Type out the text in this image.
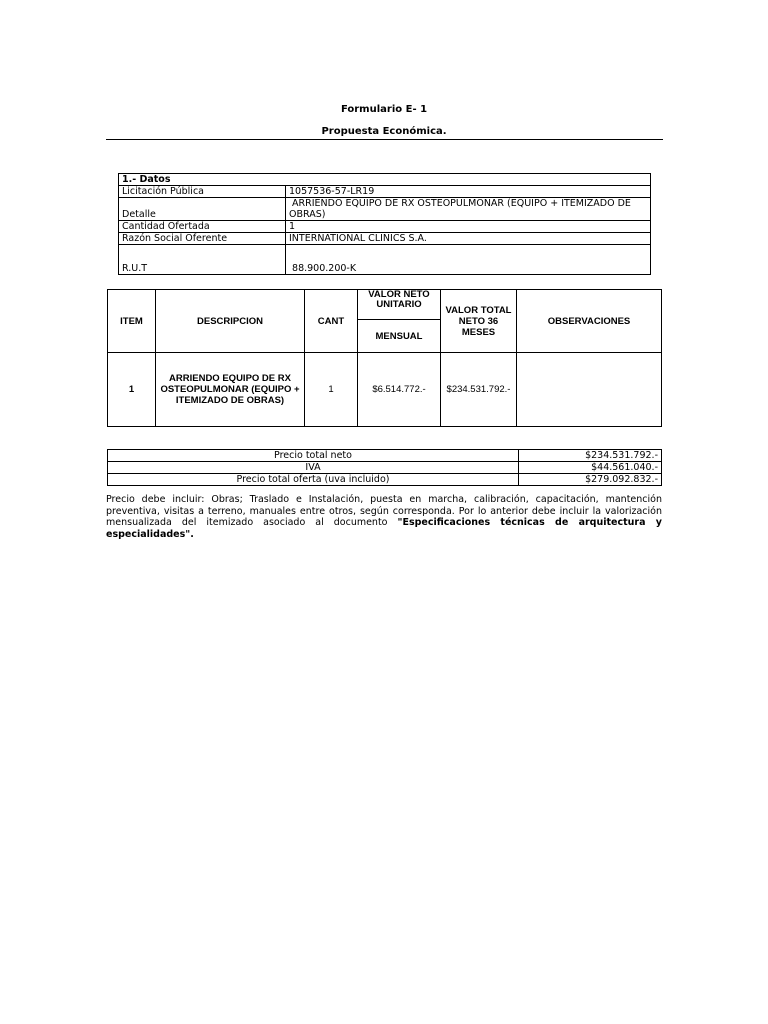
Formulario E- 1
Propuesta Económica.
1.- Datos	
Licitación Pública	1057536-57-LR19
Detalle	ARRIENDO EQUIPO DE RX OSTEOPULMONAR (EQUIPO + ITEMIZADO DE OBRAS)
Cantidad Ofertada	1
Razón Social Oferente	INTERNATIONAL CLINICS S.A.
R.U.T	88.900.200-K
ITEM	DESCRIPCION	CANT	VALOR NETO UNITARIO	VALOR TOTAL NETO 36 MESES	OBSERVACIONES
			MENSUAL		
1	ARRIENDO EQUIPO DE RX OSTEOPULMONAR (EQUIPO + ITEMIZADO DE OBRAS)	1	$6.514.772.-	$234.531.792.-	
Precio total neto	$234.531.792.-
IVA	$44.561.040.-
Precio total oferta (uva incluido)	$279.092.832.-
Precio debe incluir: Obras; Traslado e Instalación, puesta en marcha, calibración, capacitación, mantención preventiva, visitas a terreno, manuales entre otros, según corresponda. Por lo anterior debe incluir la valorización mensualizada del itemizado asociado al documento "Especificaciones técnicas de arquitectura y especialidades".
